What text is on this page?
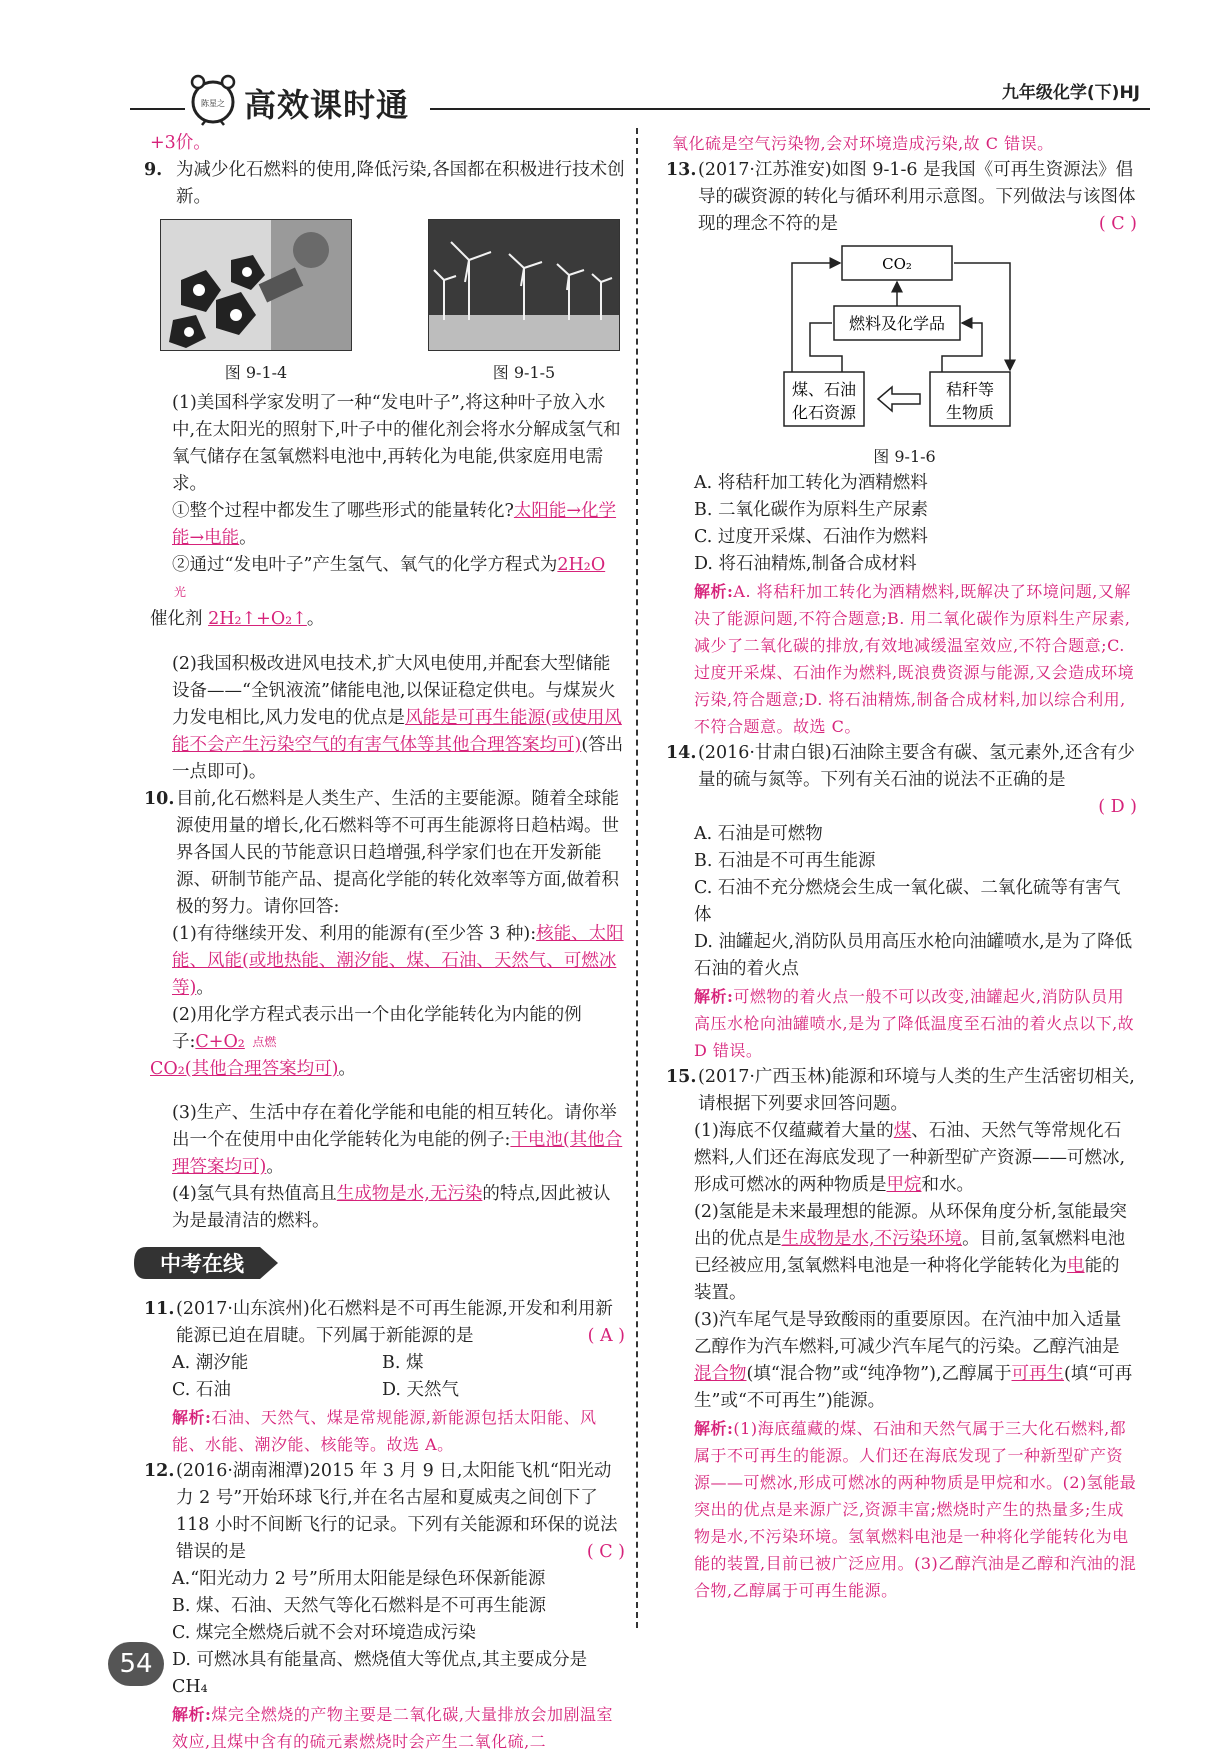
陈星之 高效课时通	九年级化学(下)HJ

+3价。

9. 为减少化石燃料的使用,降低污染,各国都在积极进行技术创新。
图 9-1-4	图 9-1-5

(1)美国科学家发明了一种“发电叶子”,将这种叶子放入水中,在太阳光的照射下,叶子中的催化剂会将水分解成氢气和氧气储存在氢氧燃料电池中,再转化为电能,供家庭用电需求。

①整个过程中都发生了哪些形式的能量转化?太阳能→化学能→电能。

②通过“发电叶子”产生氢气、氧气的化学方程式为2H₂O 光

催化剂 2H₂↑+O₂↑。

(2)我国积极改进风电技术,扩大风电使用,并配套大型储能设备——“全钒液流”储能电池,以保证稳定供电。与煤炭火力发电相比,风力发电的优点是风能是可再生能源(或使用风能不会产生污染空气的有害气体等其他合理答案均可)(答出一点即可)。

10. 目前,化石燃料是人类生产、生活的主要能源。随着全球能源使用量的增长,化石燃料等不可再生能源将日趋枯竭。世界各国人民的节能意识日趋增强,科学家们也在开发新能源、研制节能产品、提高化学能的转化效率等方面,做着积极的努力。请你回答:

(1)有待继续开发、利用的能源有(至少答 3 种):核能、太阳能、风能(或地热能、潮汐能、煤、石油、天然气、可燃冰等)。

(2)用化学方程式表示出一个由化学能转化为内能的例子:C+O₂ 点燃

CO₂(其他合理答案均可)。

(3)生产、生活中存在着化学能和电能的相互转化。请你举出一个在使用中由化学能转化为电能的例子:干电池(其他合理答案均可)。

(4)氢气具有热值高且生成物是水,无污染的特点,因此被认为是最清洁的燃料。

中考在线
11. (2017·山东滨州)化石燃料是不可再生能源,开发和利用新能源已迫在眉睫。下列属于新能源的是	( A )
A. 潮汐能	B. 煤
C. 石油	D. 天然气

解析:石油、天然气、煤是常规能源,新能源包括太阳能、风能、水能、潮汐能、核能等。故选 A。

12. (2016·湖南湘潭)2015 年 3 月 9 日,太阳能飞机“阳光动力 2 号”开始环球飞行,并在名古屋和夏威夷之间创下了 118 小时不间断飞行的记录。下列有关能源和环保的说法错误的是	( C )

A.“阳光动力 2 号”所用太阳能是绿色环保新能源

B. 煤、石油、天然气等化石燃料是不可再生能源

C. 煤完全燃烧后就不会对环境造成污染

D. 可燃冰具有能量高、燃烧值大等优点,其主要成分是 CH₄

解析:煤完全燃烧的产物主要是二氧化碳,大量排放会加剧温室效应,且煤中含有的硫元素燃烧时会产生二氧化硫,二

氧化硫是空气污染物,会对环境造成污染,故 C 错误。

13. (2017·江苏淮安)如图 9-1-6 是我国《可再生资源法》倡导的碳资源的转化与循环利用示意图。下列做法与该图体现的理念不符的是	( C )
CO₂
燃料及化学品
煤、石油
化石资源
秸秆等
生物质

图 9-1-6

A. 将秸秆加工转化为酒精燃料

B. 二氧化碳作为原料生产尿素

C. 过度开采煤、石油作为燃料

D. 将石油精炼,制备合成材料

解析:A. 将秸秆加工转化为酒精燃料,既解决了环境问题,又解决了能源问题,不符合题意;B. 用二氧化碳作为原料生产尿素,减少了二氧化碳的排放,有效地减缓温室效应,不符合题意;C. 过度开采煤、石油作为燃料,既浪费资源与能源,又会造成环境污染,符合题意;D. 将石油精炼,制备合成材料,加以综合利用,不符合题意。故选 C。

14. (2016·甘肃白银)石油除主要含有碳、氢元素外,还含有少量的硫与氮等。下列有关石油的说法不正确的是
( D )

A. 石油是可燃物

B. 石油是不可再生能源

C. 石油不充分燃烧会生成一氧化碳、二氧化硫等有害气体

D. 油罐起火,消防队员用高压水枪向油罐喷水,是为了降低石油的着火点

解析:可燃物的着火点一般不可以改变,油罐起火,消防队员用高压水枪向油罐喷水,是为了降低温度至石油的着火点以下,故 D 错误。

15. (2017·广西玉林)能源和环境与人类的生产生活密切相关,请根据下列要求回答问题。

(1)海底不仅蕴藏着大量的煤、石油、天然气等常规化石燃料,人们还在海底发现了一种新型矿产资源——可燃冰,形成可燃冰的两种物质是甲烷和水。

(2)氢能是未来最理想的能源。从环保角度分析,氢能最突出的优点是生成物是水,不污染环境。目前,氢氧燃料电池已经被应用,氢氧燃料电池是一种将化学能转化为电能的装置。

(3)汽车尾气是导致酸雨的重要原因。在汽油中加入适量乙醇作为汽车燃料,可减少汽车尾气的污染。乙醇汽油是混合物(填“混合物”或“纯净物”),乙醇属于可再生(填“可再生”或“不可再生”)能源。

解析:(1)海底蕴藏的煤、石油和天然气属于三大化石燃料,都属于不可再生的能源。人们还在海底发现了一种新型矿产资源——可燃冰,形成可燃冰的两种物质是甲烷和水。(2)氢能最突出的优点是来源广泛,资源丰富;燃烧时产生的热量多;生成物是水,不污染环境。氢氧燃料电池是一种将化学能转化为电能的装置,目前已被广泛应用。(3)乙醇汽油是乙醇和汽油的混合物,乙醇属于可再生能源。

54
